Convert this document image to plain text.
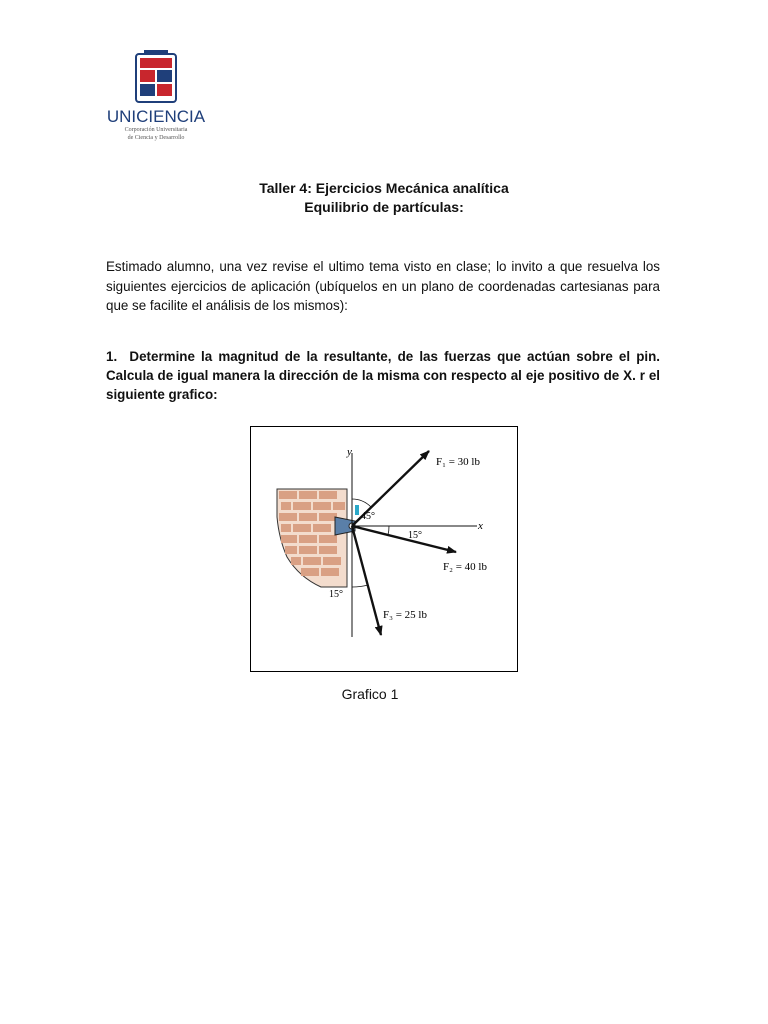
UNICIENCIA
Corporación Universitaria
de Ciencia y Desarrollo
Taller 4: Ejercicios Mecánica analítica
Equilibrio de partículas:
Estimado alumno, una vez revise el ultimo tema visto en clase; lo invito a que resuelva los siguientes ejercicios de aplicación (ubíquelos en un plano de coordenadas cartesianas para que se facilite el análisis de los mismos):
1. Determine la magnitud de la resultante, de las fuerzas que actúan sobre el pin. Calcula de igual manera la dirección de la misma con respecto al eje positivo de X. r el siguiente grafico:
y
x
F₁ = 30 lb
F₂ = 40 lb
F₃ = 25 lb
45°
15°
15°
Grafico 1
